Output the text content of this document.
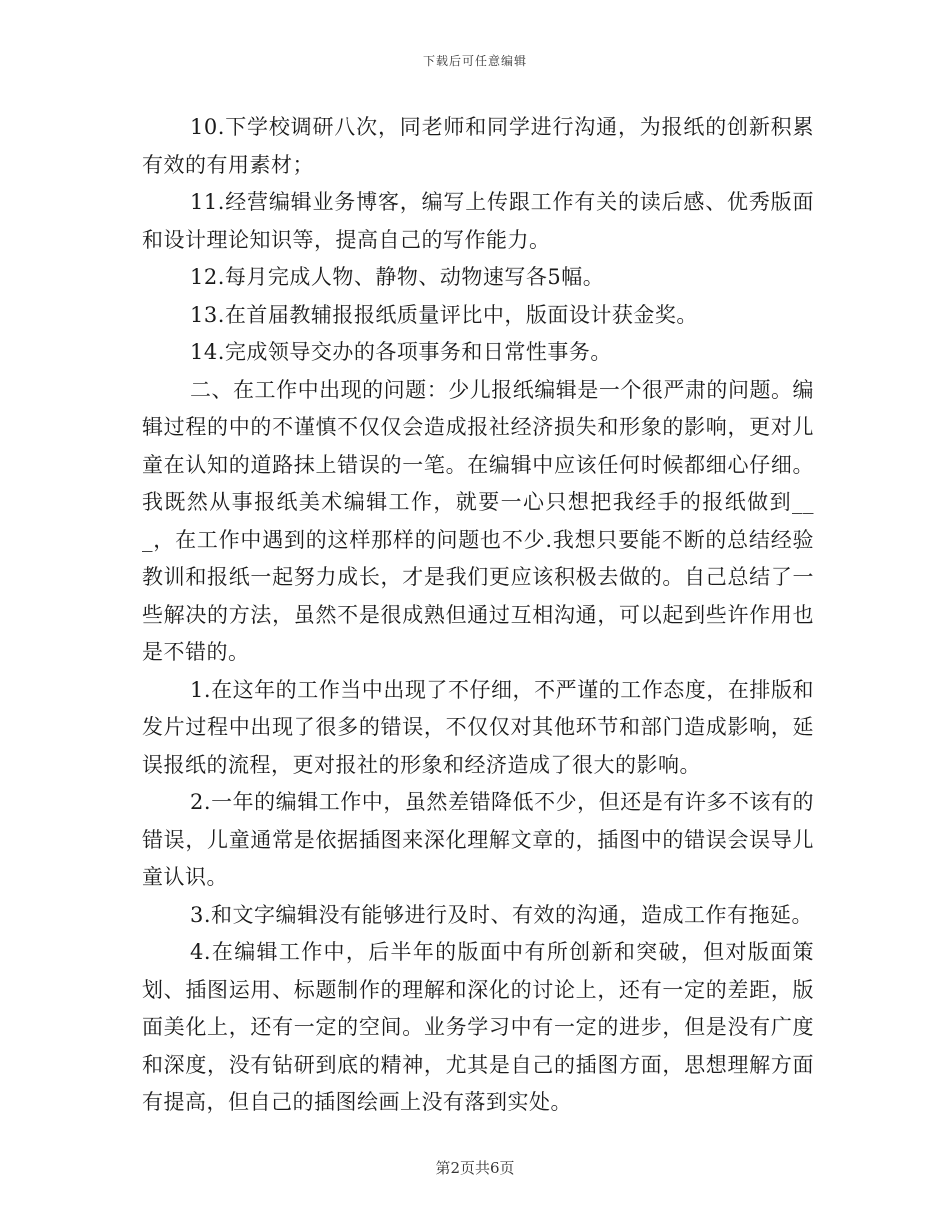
下载后可任意编辑

10.下学校调研八次，同老师和同学进行沟通，为报纸的创新积累有效的有用素材；

11.经营编辑业务博客，编写上传跟工作有关的读后感、优秀版面和设计理论知识等，提高自己的写作能力。

12.每月完成人物、静物、动物速写各5幅。

13.在首届教辅报报纸质量评比中，版面设计获金奖。

14.完成领导交办的各项事务和日常性事务。

二、在工作中出现的问题：少儿报纸编辑是一个很严肃的问题。编辑过程的中的不谨慎不仅仅会造成报社经济损失和形象的影响，更对儿童在认知的道路抹上错误的一笔。在编辑中应该任何时候都细心仔细。我既然从事报纸美术编辑工作，就要一心只想把我经手的报纸做到___，在工作中遇到的这样那样的问题也不少.我想只要能不断的总结经验教训和报纸一起努力成长，才是我们更应该积极去做的。自己总结了一些解决的方法，虽然不是很成熟但通过互相沟通，可以起到些许作用也是不错的。

1.在这年的工作当中出现了不仔细，不严谨的工作态度，在排版和发片过程中出现了很多的错误，不仅仅对其他环节和部门造成影响，延误报纸的流程，更对报社的形象和经济造成了很大的影响。

2.一年的编辑工作中，虽然差错降低不少，但还是有许多不该有的错误，儿童通常是依据插图来深化理解文章的，插图中的错误会误导儿童认识。

3.和文字编辑没有能够进行及时、有效的沟通，造成工作有拖延。

4.在编辑工作中，后半年的版面中有所创新和突破，但对版面策划、插图运用、标题制作的理解和深化的讨论上，还有一定的差距，版面美化上，还有一定的空间。业务学习中有一定的进步，但是没有广度和深度，没有钻研到底的精神，尤其是自己的插图方面，思想理解方面有提高，但自己的插图绘画上没有落到实处。

第2页共6页
